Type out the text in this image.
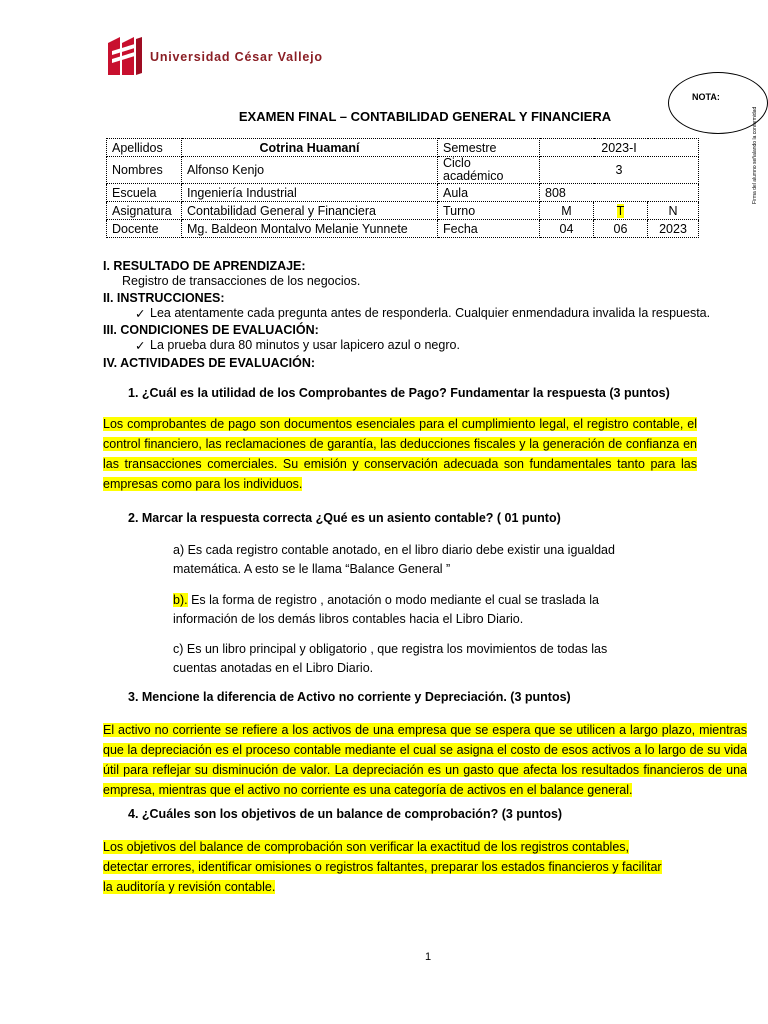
Universidad César Vallejo
NOTA:
Firma del alumno señalando la conformidad
EXAMEN FINAL – CONTABILIDAD GENERAL Y FINANCIERA
Apellidos	Cotrina Huamaní	Semestre	2023-I		
Nombres	Alfonso Kenjo	Ciclo académico	3		
Escuela	Ingeniería Industrial	Aula	808		
Asignatura	Contabilidad General y Financiera	Turno	M	T	N
Docente	Mg. Baldeon Montalvo Melanie Yunnete	Fecha	04	06	2023
I. RESULTADO DE APRENDIZAJE:
Registro de transacciones de los negocios.
II. INSTRUCCIONES:
✓ Lea atentamente cada pregunta antes de responderla. Cualquier enmendadura invalida la respuesta.
III. CONDICIONES DE EVALUACIÓN:
✓ La prueba dura 80 minutos y usar lapicero azul o negro.
IV. ACTIVIDADES DE EVALUACIÓN:
1. ¿Cuál es la utilidad de los Comprobantes de Pago? Fundamentar la respuesta (3 puntos)
Los comprobantes de pago son documentos esenciales para el cumplimiento legal, el registro contable, el control financiero, las reclamaciones de garantía, las deducciones fiscales y la generación de confianza en las transacciones comerciales. Su emisión y conservación adecuada son fundamentales tanto para las empresas como para los individuos.
2. Marcar la respuesta correcta ¿Qué es un asiento contable? ( 01 punto)
a) Es cada registro contable anotado, en el libro diario debe existir una igualdad matemática. A esto se le llama “Balance General ”
b). Es la forma de registro , anotación o modo mediante el cual se traslada la información de los demás libros contables hacia el Libro Diario.
c) Es un libro principal y obligatorio , que registra los movimientos de todas las cuentas anotadas en el Libro Diario.
3. Mencione la diferencia de Activo no corriente y Depreciación. (3 puntos)
El activo no corriente se refiere a los activos de una empresa que se espera que se utilicen a largo plazo, mientras que la depreciación es el proceso contable mediante el cual se asigna el costo de esos activos a lo largo de su vida útil para reflejar su disminución de valor. La depreciación es un gasto que afecta los resultados financieros de una empresa, mientras que el activo no corriente es una categoría de activos en el balance general.
4. ¿Cuáles son los objetivos de un balance de comprobación? (3 puntos)
Los objetivos del balance de comprobación son verificar la exactitud de los registros contables, detectar errores, identificar omisiones o registros faltantes, preparar los estados financieros y facilitar la auditoría y revisión contable.
1
